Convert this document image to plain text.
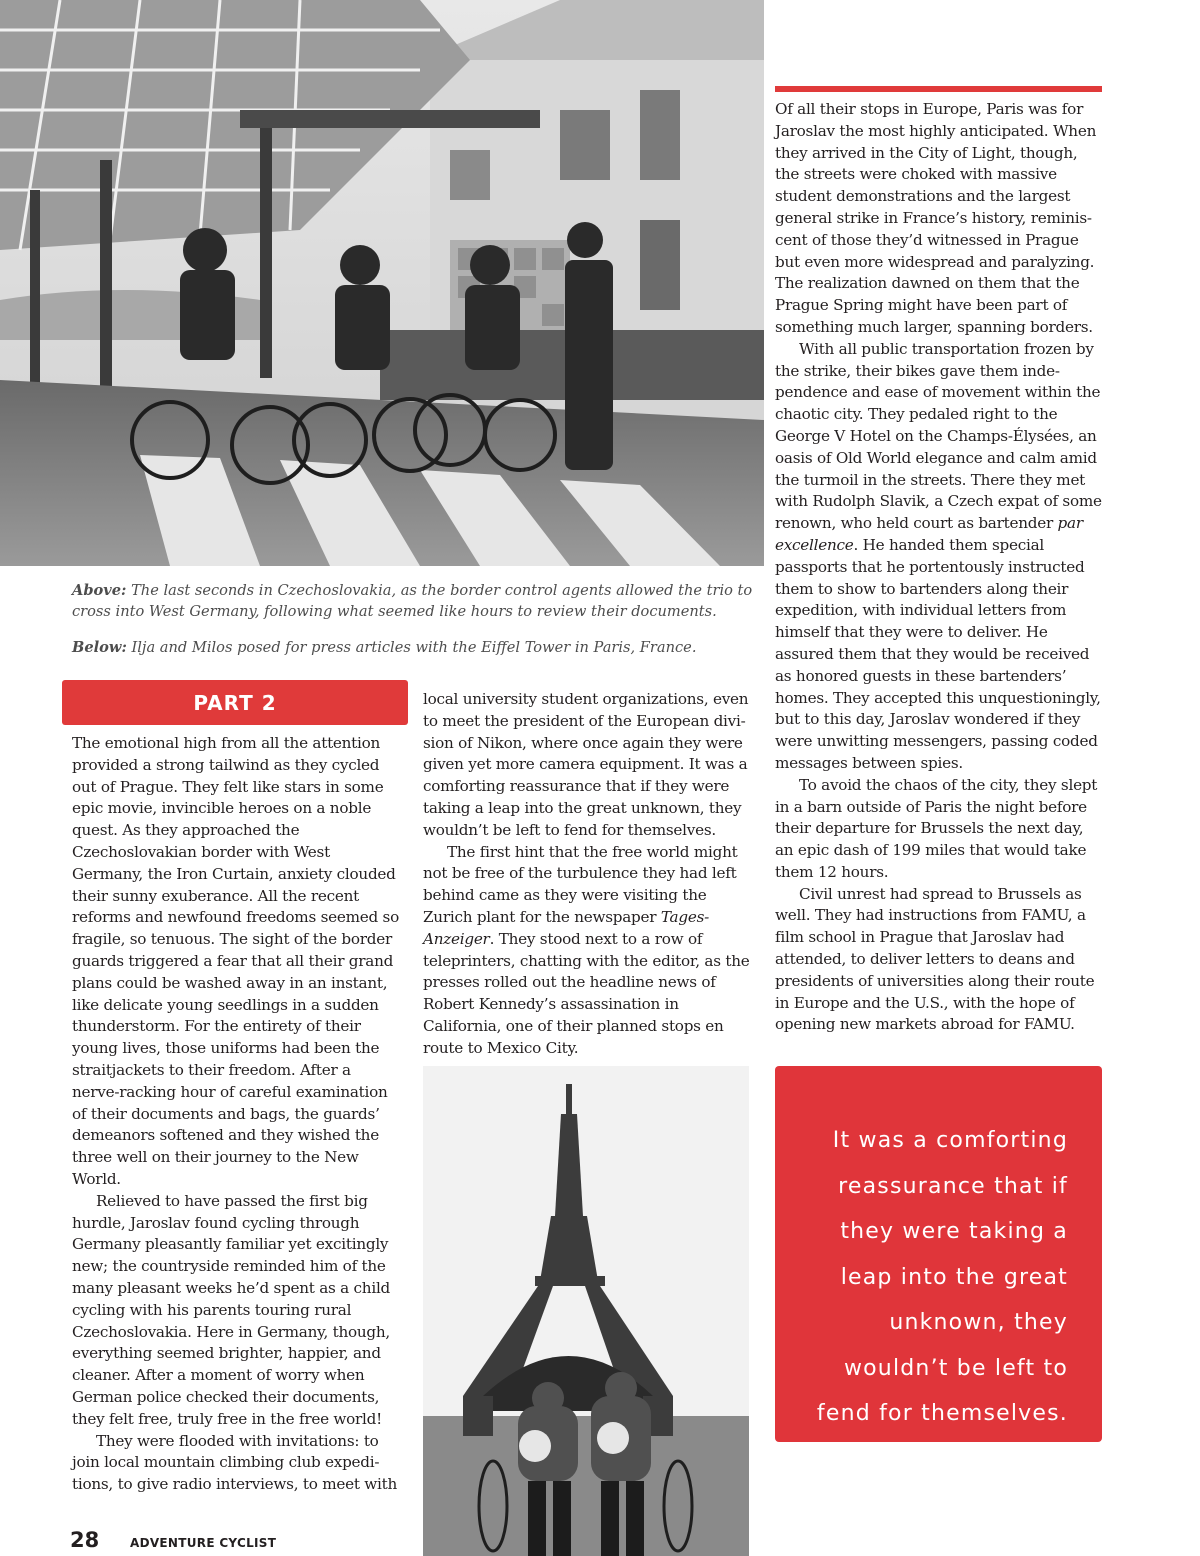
Above: The last seconds in Czechoslovakia, as the border control agents allowed the trio to cross into West Germany, following what seemed like hours to review their documents.

Below: Ilja and Milos posed for press articles with the Eiffel Tower in Paris, France.

PART 2

The emotional high from all the attention provided a strong tailwind as they cycled out of Prague. They felt like stars in some epic movie, invincible heroes on a noble quest. As they approached the Czechoslovakian border with West Germany, the Iron Curtain, anxiety clouded their sunny exuberance. All the recent reforms and newfound freedoms seemed so fragile, so tenuous. The sight of the border guards triggered a fear that all their grand plans could be washed away in an instant, like delicate young seedlings in a sudden thunderstorm. For the entirety of their young lives, those uniforms had been the straitjackets to their freedom. After a nerve-racking hour of careful examination of their documents and bags, the guards’ demeanors softened and they wished the three well on their journey to the New World.

Relieved to have passed the first big hurdle, Jaroslav found cycling through Germany pleasantly familiar yet excitingly new; the countryside reminded him of the many pleasant weeks he’d spent as a child cycling with his parents touring rural Czechoslovakia. Here in Germany, though, everything seemed brighter, happier, and cleaner. After a moment of worry when German police checked their documents, they felt free, truly free in the free world!

They were flooded with invitations: to join local mountain climbing club expeditions, to give radio interviews, to meet with

local university student organizations, even to meet the president of the European division of Nikon, where once again they were given yet more camera equipment. It was a comforting reassurance that if they were taking a leap into the great unknown, they wouldn’t be left to fend for themselves.

The first hint that the free world might not be free of the turbulence they had left behind came as they were visiting the Zurich plant for the newspaper Tages-Anzeiger. They stood next to a row of teleprinters, chatting with the editor, as the presses rolled out the headline news of Robert Kennedy’s assassination in California, one of their planned stops en route to Mexico City.

Of all their stops in Europe, Paris was for Jaroslav the most highly anticipated. When they arrived in the City of Light, though, the streets were choked with massive student demonstrations and the largest general strike in France’s history, reminiscent of those they’d witnessed in Prague but even more widespread and paralyzing. The realization dawned on them that the Prague Spring might have been part of something much larger, spanning borders.

With all public transportation frozen by the strike, their bikes gave them independence and ease of movement within the chaotic city. They pedaled right to the George V Hotel on the Champs-Élysées, an oasis of Old World elegance and calm amid the turmoil in the streets. There they met with Rudolph Slavik, a Czech expat of some renown, who held court as bartender par excellence. He handed them special passports that he portentously instructed them to show to bartenders along their expedition, with individual letters from himself that they were to deliver. He assured them that they would be received as honored guests in these bartenders’ homes. They accepted this unquestioningly, but to this day, Jaroslav wondered if they were unwitting messengers, passing coded messages between spies.

To avoid the chaos of the city, they slept in a barn outside of Paris the night before their departure for Brussels the next day, an epic dash of 199 miles that would take them 12 hours.

Civil unrest had spread to Brussels as well. They had instructions from FAMU, a film school in Prague that Jaroslav had attended, to deliver letters to deans and presidents of universities along their route in Europe and the U.S., with the hope of opening new markets abroad for FAMU.

It was a comforting reassurance that if they were taking a leap into the great unknown, they wouldn’t be left to fend for themselves.
28	ADVENTURE CYCLIST
